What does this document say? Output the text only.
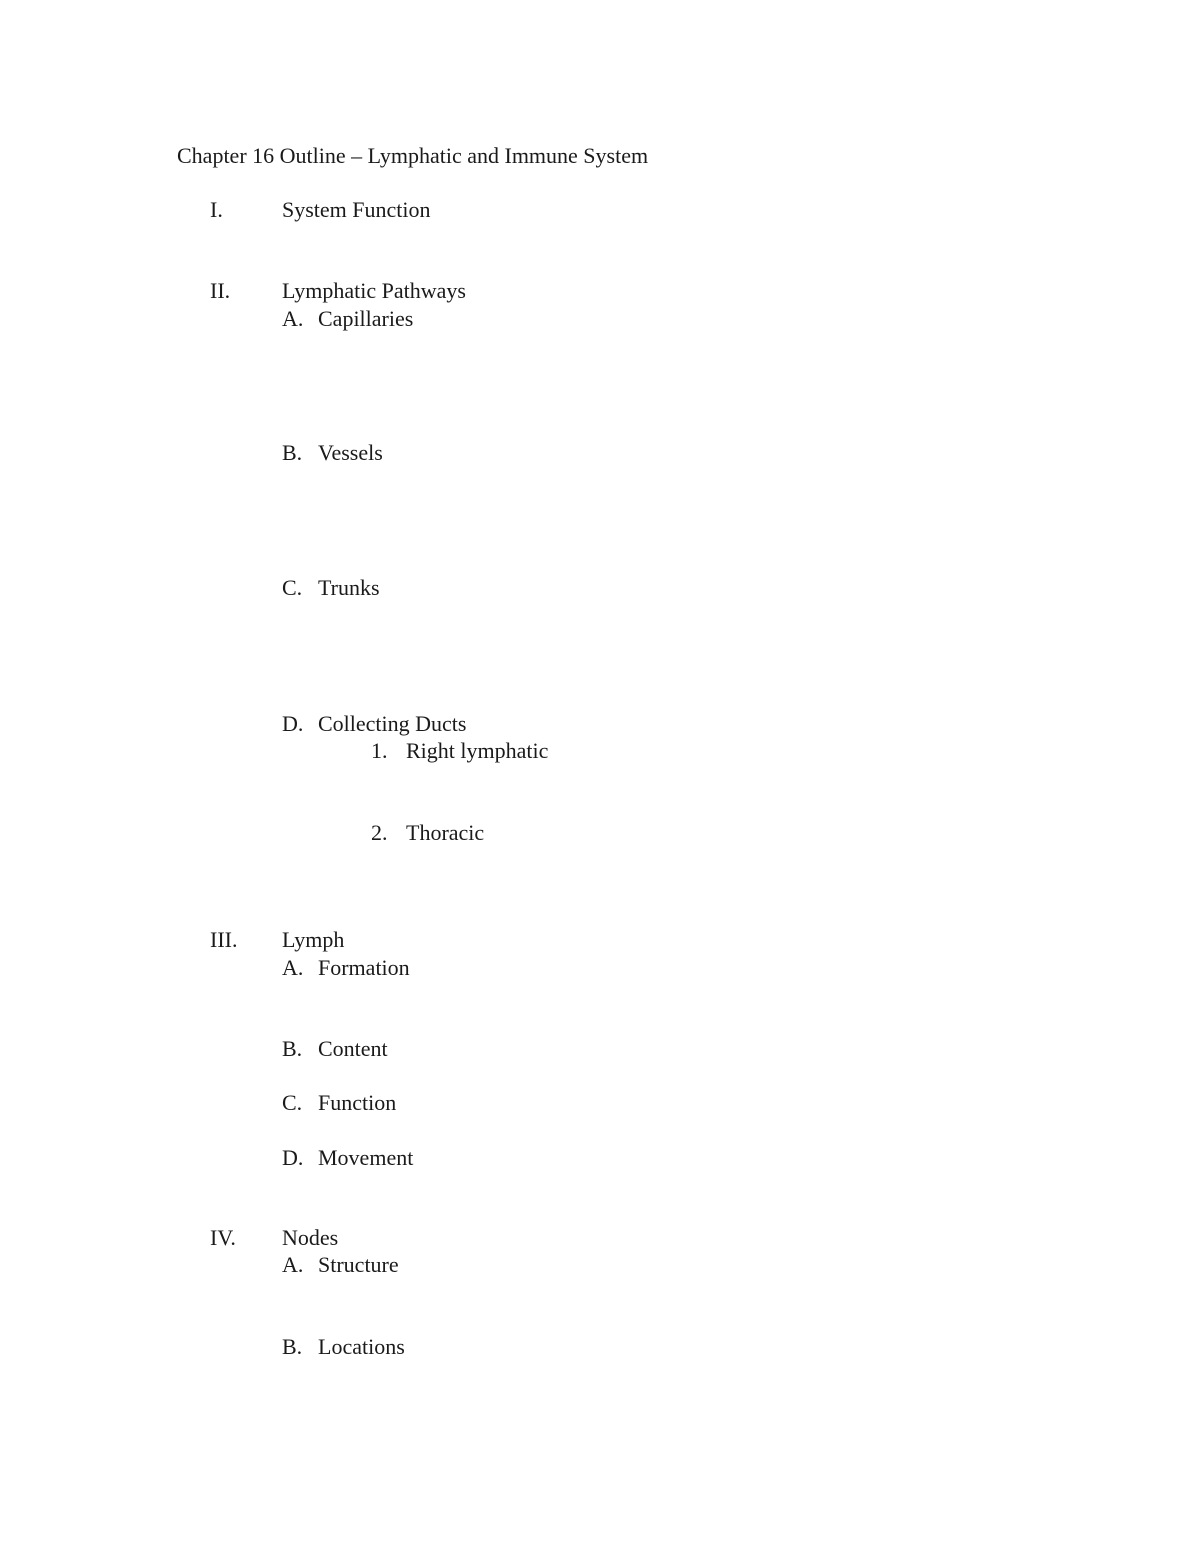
Chapter 16 Outline – Lymphatic and Immune System
I.	System Function
II. Lymphatic Pathways
A. Capillaries
B. Vessels
C. Trunks
D. Collecting Ducts
1. Right lymphatic
2. Thoracic
III. Lymph
A. Formation
B. Content
C. Function
D. Movement
IV. Nodes
A. Structure
B. Locations
